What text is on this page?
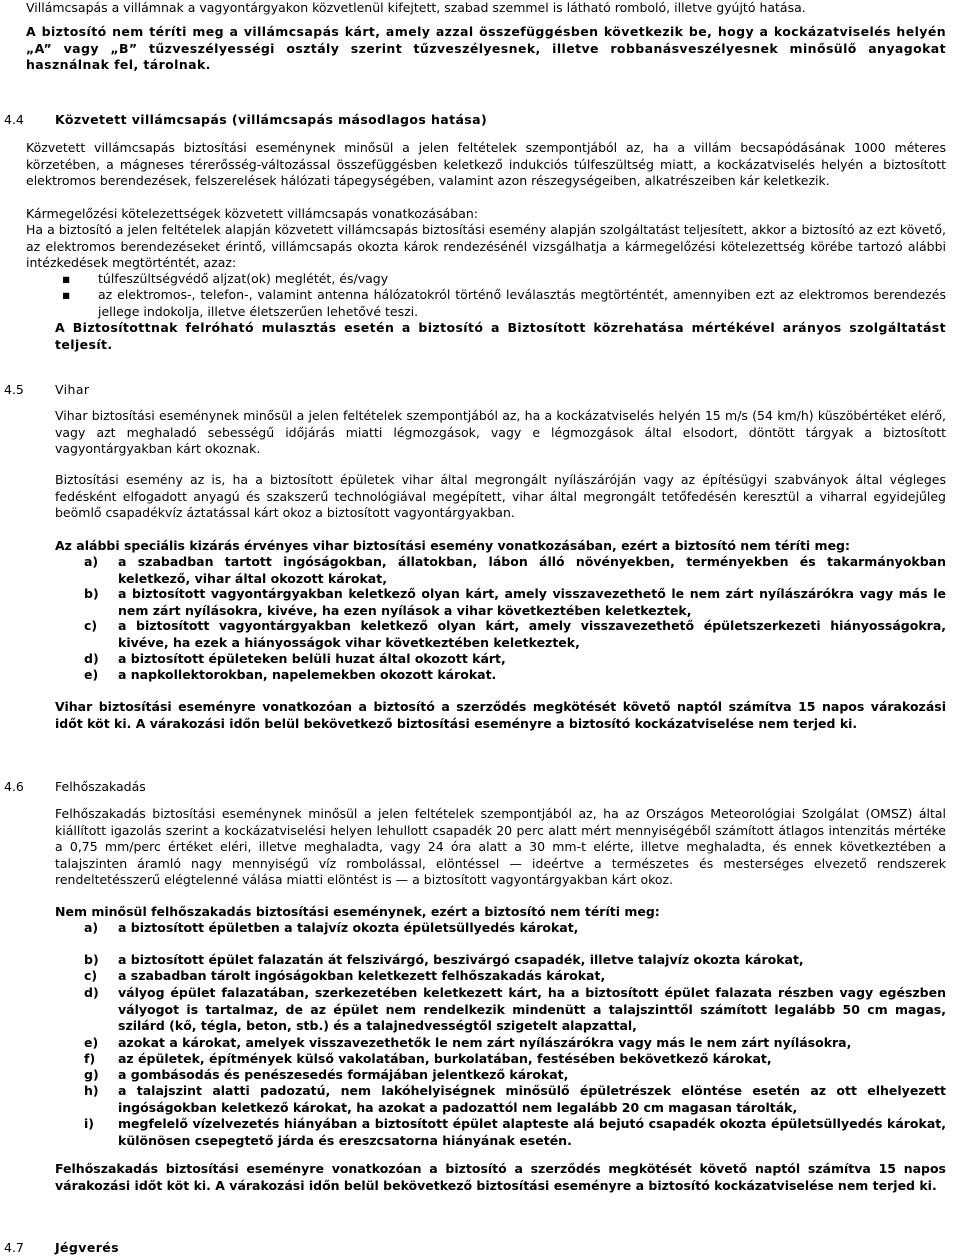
Villámcsapás a villámnak a vagyontárgyakon közvetlenül kifejtett, szabad szemmel is látható romboló, illetve gyújtó hatása.

A biztosító nem téríti meg a villámcsapás kárt, amely azzal összefüggésben következik be, hogy a kockázatviselés helyén „A” vagy „B” tűzveszélyességi osztály szerint tűzveszélyesnek, illetve robbanásveszélyesnek minősülő anyagokat használnak fel, tárolnak.

4.4 Közvetett villámcsapás (villámcsapás másodlagos hatása)

Közvetett villámcsapás biztosítási eseménynek minősül a jelen feltételek szempontjából az, ha a villám becsapódásának 1000 méteres körzetében, a mágneses térerősség-változással összefüggésben keletkező indukciós túlfeszültség miatt, a kockázatviselés helyén a biztosított elektromos berendezések, felszerelések hálózati tápegységében, valamint azon részegységeiben, alkatrészeiben kár keletkezik.

Kármegelőzési kötelezettségek közvetett villámcsapás vonatkozásában:

Ha a biztosító a jelen feltételek alapján közvetett villámcsapás biztosítási esemény alapján szolgáltatást teljesített, akkor a biztosító az ezt követő, az elektromos berendezéseket érintő, villámcsapás okozta károk rendezésénél vizsgálhatja a kármegelőzési kötelezettség körébe tartozó alábbi intézkedések megtörténtét, azaz:

▪ túlfeszültségvédő aljzat(ok) meglétét, és/vagy
▪ az elektromos-, telefon-, valamint antenna hálózatokról történő leválasztás megtörténtét, amennyiben ezt az elektromos berendezés jellege indokolja, illetve életszerűen lehetővé teszi.

A Biztosítottnak felróható mulasztás esetén a biztosító a Biztosított közrehatása mértékével arányos szolgáltatást teljesít.

4.5 Vihar

Vihar biztosítási eseménynek minősül a jelen feltételek szempontjából az, ha a kockázatviselés helyén 15 m/s (54 km/h) küszöbértéket elérő, vagy azt meghaladó sebességű időjárás miatti légmozgások, vagy e légmozgások által elsodort, döntött tárgyak a biztosított vagyontárgyakban kárt okoznak.

Biztosítási esemény az is, ha a biztosított épületek vihar által megrongált nyílászáróján vagy az építésügyi szabványok által végleges fedésként elfogadott anyagú és szakszerű technológiával megépített, vihar által megrongált tetőfedésén keresztül a viharral egyidejűleg beömlő csapadékvíz áztatással kárt okoz a biztosított vagyontárgyakban.

Az alábbi speciális kizárás érvényes vihar biztosítási esemény vonatkozásában, ezért a biztosító nem téríti meg:

a) a szabadban tartott ingóságokban, állatokban, lábon álló növényekben, terményekben és takarmányokban keletkező, vihar által okozott károkat,
b) a biztosított vagyontárgyakban keletkező olyan kárt, amely visszavezethető le nem zárt nyílászárókra vagy más le nem zárt nyílásokra, kivéve, ha ezen nyílások a vihar következtében keletkeztek,
c) a biztosított vagyontárgyakban keletkező olyan kárt, amely visszavezethető épületszerkezeti hiányosságokra, kivéve, ha ezek a hiányosságok vihar következtében keletkeztek,
d) a biztosított épületeken belüli huzat által okozott kárt,
e) a napkollektorokban, napelemekben okozott károkat.

Vihar biztosítási eseményre vonatkozóan a biztosító a szerződés megkötését követő naptól számítva 15 napos várakozási időt köt ki. A várakozási időn belül bekövetkező biztosítási eseményre a biztosító kockázatviselése nem terjed ki.

4.6 Felhőszakadás

Felhőszakadás biztosítási eseménynek minősül a jelen feltételek szempontjából az, ha az Országos Meteorológiai Szolgálat (OMSZ) által kiállított igazolás szerint a kockázatviselési helyen lehullott csapadék 20 perc alatt mért mennyiségéből számított átlagos intenzitás mértéke a 0,75 mm/perc értéket eléri, illetve meghaladta, vagy 24 óra alatt a 30 mm-t elérte, illetve meghaladta, és ennek következtében a talajszinten áramló nagy mennyiségű víz rombolással, elöntéssel — ideértve a természetes és mesterséges elvezető rendszerek rendeltetésszerű elégtelenné válása miatti elöntést is — a biztosított vagyontárgyakban kárt okoz.

Nem minősül felhőszakadás biztosítási eseménynek, ezért a biztosító nem téríti meg:

a) a biztosított épületben a talajvíz okozta épületsüllyedés károkat,
b) a biztosított épület falazatán át felszivárgó, beszivárgó csapadék, illetve talajvíz okozta károkat,
c) a szabadban tárolt ingóságokban keletkezett felhőszakadás károkat,
d) vályog épület falazatában, szerkezetében keletkezett kárt, ha a biztosított épület falazata részben vagy egészben vályogot is tartalmaz, de az épület nem rendelkezik mindenütt a talajszinttől számított legalább 50 cm magas, szilárd (kő, tégla, beton, stb.) és a talajnedvességtől szigetelt alapzattal,
e) azokat a károkat, amelyek visszavezethetők le nem zárt nyílászárókra vagy más le nem zárt nyílásokra,
f) az épületek, építmények külső vakolatában, burkolatában, festésében bekövetkező károkat,
g) a gombásodás és penészesedés formájában jelentkező károkat,
h) a talajszint alatti padozatú, nem lakóhelyiségnek minősülő épületrészek elöntése esetén az ott elhelyezett ingóságokban keletkező károkat, ha azokat a padozattól nem legalább 20 cm magasan tárolták,
i) megfelelő vízelvezetés hiányában a biztosított épület alapteste alá bejutó csapadék okozta épületsüllyedés károkat, különösen csepegtető járda és ereszcsatorna hiányának esetén.

Felhőszakadás biztosítási eseményre vonatkozóan a biztosító a szerződés megkötését követő naptól számítva 15 napos várakozási időt köt ki. A várakozási időn belül bekövetkező biztosítási eseményre a biztosító kockázatviselése nem terjed ki.

4.7 Jégverés
